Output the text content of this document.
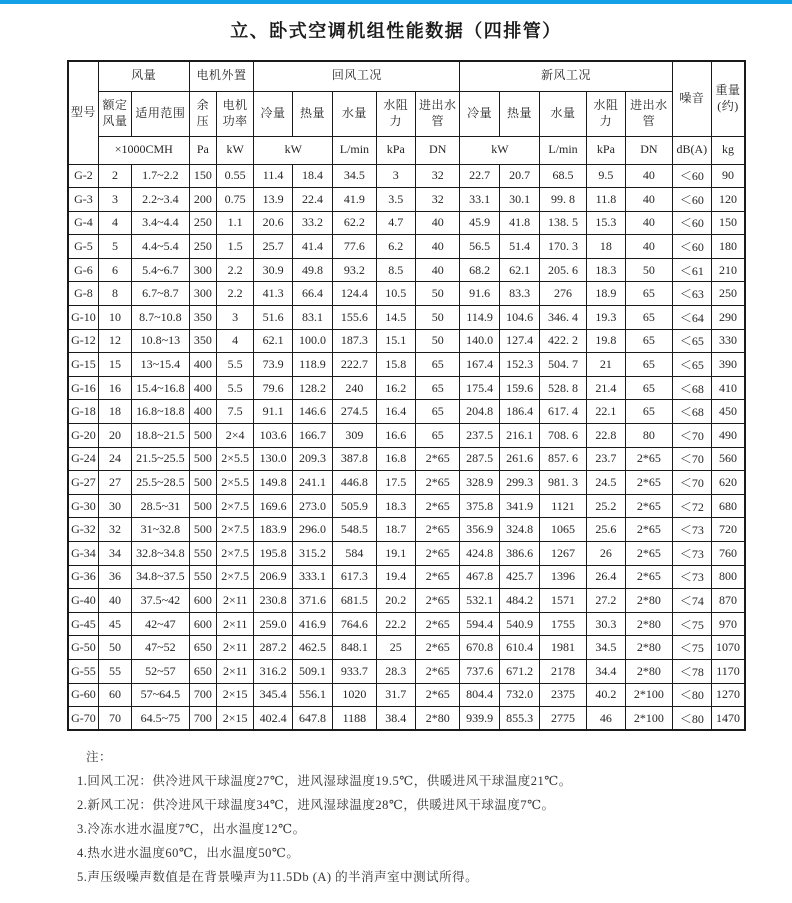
立、卧式空调机组性能数据（四排管）
型号	风量		电机外置		回风工况					新风工况					噪音	重量(约)
	额定风量	适用范围	余压	电机功率	冷量	热量	水量	水阻力	进出水管	冷量	热量	水量	水阻力	进出水管		
	×1000CMH		Pa	kW	kW		L/min	kPa	DN	kW		L/min	kPa	DN	dB(A)	kg
G-2	2	1.7~2.2	150	0.55	11.4	18.4	34.5	3	32	22.7	20.7	68.5	9.5	40	＜60	90
G-3	3	2.2~3.4	200	0.75	13.9	22.4	41.9	3.5	32	33.1	30.1	99. 8	11.8	40	＜60	120
G-4	4	3.4~4.4	250	1.1	20.6	33.2	62.2	4.7	40	45.9	41.8	138. 5	15.3	40	＜60	150
G-5	5	4.4~5.4	250	1.5	25.7	41.4	77.6	6.2	40	56.5	51.4	170. 3	18	40	＜60	180
G-6	6	5.4~6.7	300	2.2	30.9	49.8	93.2	8.5	40	68.2	62.1	205. 6	18.3	50	＜61	210
G-8	8	6.7~8.7	300	2.2	41.3	66.4	124.4	10.5	50	91.6	83.3	276	18.9	65	＜63	250
G-10	10	8.7~10.8	350	3	51.6	83.1	155.6	14.5	50	114.9	104.6	346. 4	19.3	65	＜64	290
G-12	12	10.8~13	350	4	62.1	100.0	187.3	15.1	50	140.0	127.4	422. 2	19.8	65	＜65	330
G-15	15	13~15.4	400	5.5	73.9	118.9	222.7	15.8	65	167.4	152.3	504. 7	21	65	＜65	390
G-16	16	15.4~16.8	400	5.5	79.6	128.2	240	16.2	65	175.4	159.6	528. 8	21.4	65	＜68	410
G-18	18	16.8~18.8	400	7.5	91.1	146.6	274.5	16.4	65	204.8	186.4	617. 4	22.1	65	＜68	450
G-20	20	18.8~21.5	500	2×4	103.6	166.7	309	16.6	65	237.5	216.1	708. 6	22.8	80	＜70	490
G-24	24	21.5~25.5	500	2×5.5	130.0	209.3	387.8	16.8	2*65	287.5	261.6	857. 6	23.7	2*65	＜70	560
G-27	27	25.5~28.5	500	2×5.5	149.8	241.1	446.8	17.5	2*65	328.9	299.3	981. 3	24.5	2*65	＜70	620
G-30	30	28.5~31	500	2×7.5	169.6	273.0	505.9	18.3	2*65	375.8	341.9	1121	25.2	2*65	＜72	680
G-32	32	31~32.8	500	2×7.5	183.9	296.0	548.5	18.7	2*65	356.9	324.8	1065	25.6	2*65	＜73	720
G-34	34	32.8~34.8	550	2×7.5	195.8	315.2	584	19.1	2*65	424.8	386.6	1267	26	2*65	＜73	760
G-36	36	34.8~37.5	550	2×7.5	206.9	333.1	617.3	19.4	2*65	467.8	425.7	1396	26.4	2*65	＜73	800
G-40	40	37.5~42	600	2×11	230.8	371.6	681.5	20.2	2*65	532.1	484.2	1571	27.2	2*80	＜74	870
G-45	45	42~47	600	2×11	259.0	416.9	764.6	22.2	2*65	594.4	540.9	1755	30.3	2*80	＜75	970
G-50	50	47~52	650	2×11	287.2	462.5	848.1	25	2*65	670.8	610.4	1981	34.5	2*80	＜75	1070
G-55	55	52~57	650	2×11	316.2	509.1	933.7	28.3	2*65	737.6	671.2	2178	34.4	2*80	＜78	1170
G-60	60	57~64.5	700	2×15	345.4	556.1	1020	31.7	2*65	804.4	732.0	2375	40.2	2*100	＜80	1270
G-70	70	64.5~75	700	2×15	402.4	647.8	1188	38.4	2*80	939.9	855.3	2775	46	2*100	＜80	1470
注：
1.回风工况：供冷进风干球温度27℃，进风湿球温度19.5℃，供暖进风干球温度21℃。
2.新风工况：供冷进风干球温度34℃，进风湿球温度28℃，供暖进风干球温度7℃。
3.冷冻水进水温度7℃，出水温度12℃。
4.热水进水温度60℃，出水温度50℃。
5.声压级噪声数值是在背景噪声为11.5Db (A) 的半消声室中测试所得。
